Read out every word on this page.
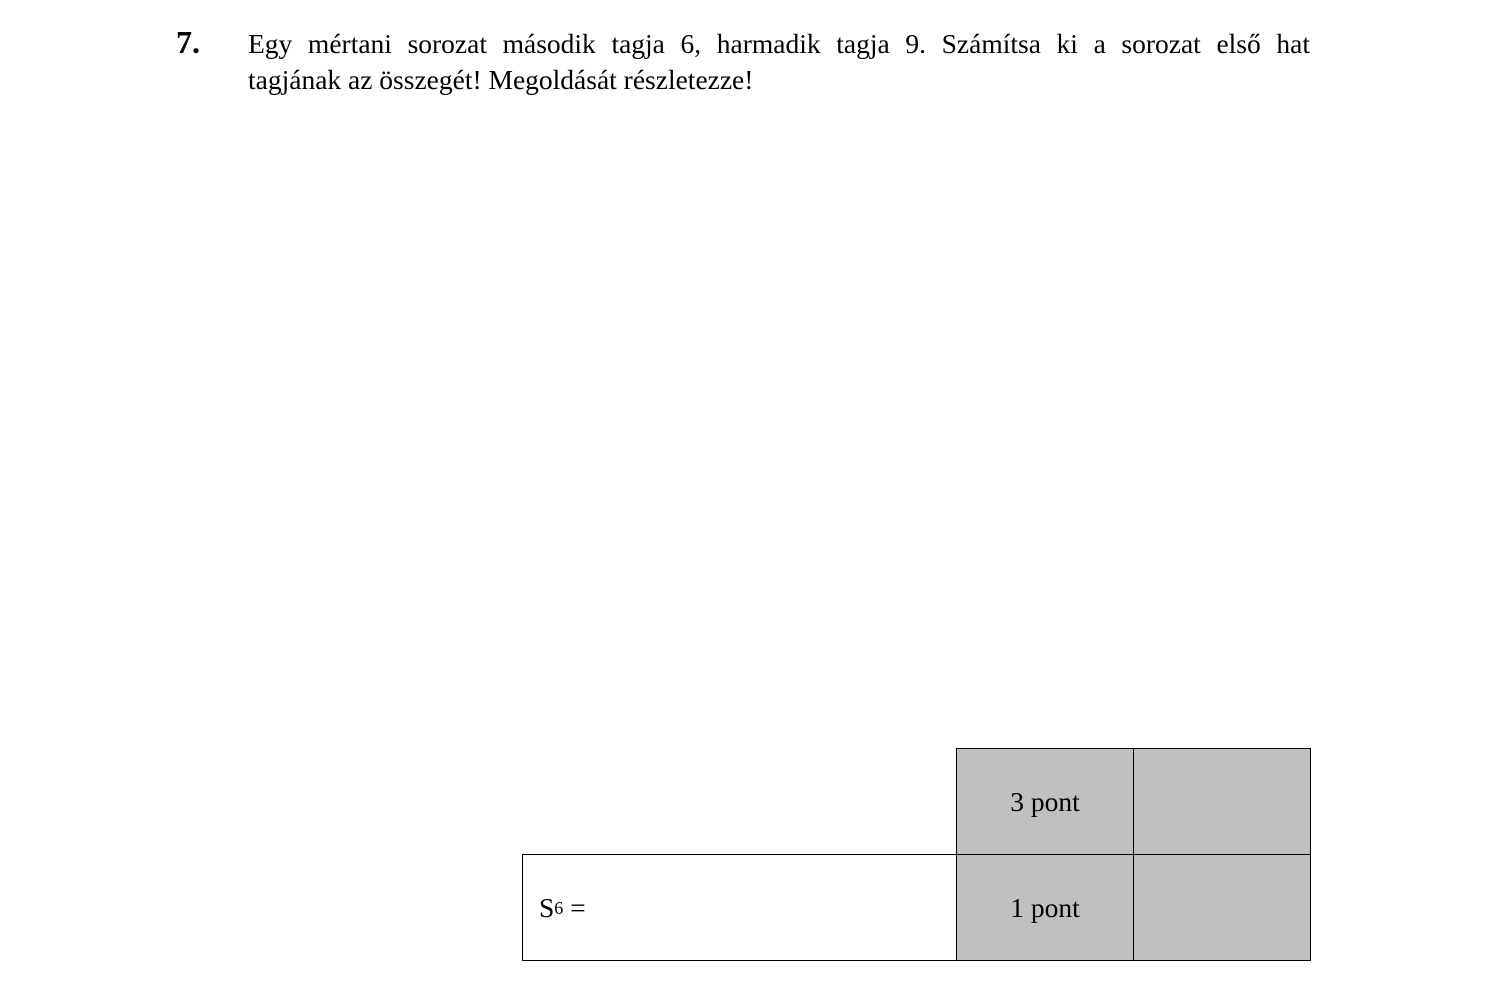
7. Egy mértani sorozat második tagja 6, harmadik tagja 9. Számítsa ki a sorozat első hat
tagjának az összegét! Megoldását részletezze!
3 pont
S 6 =	1 pont
